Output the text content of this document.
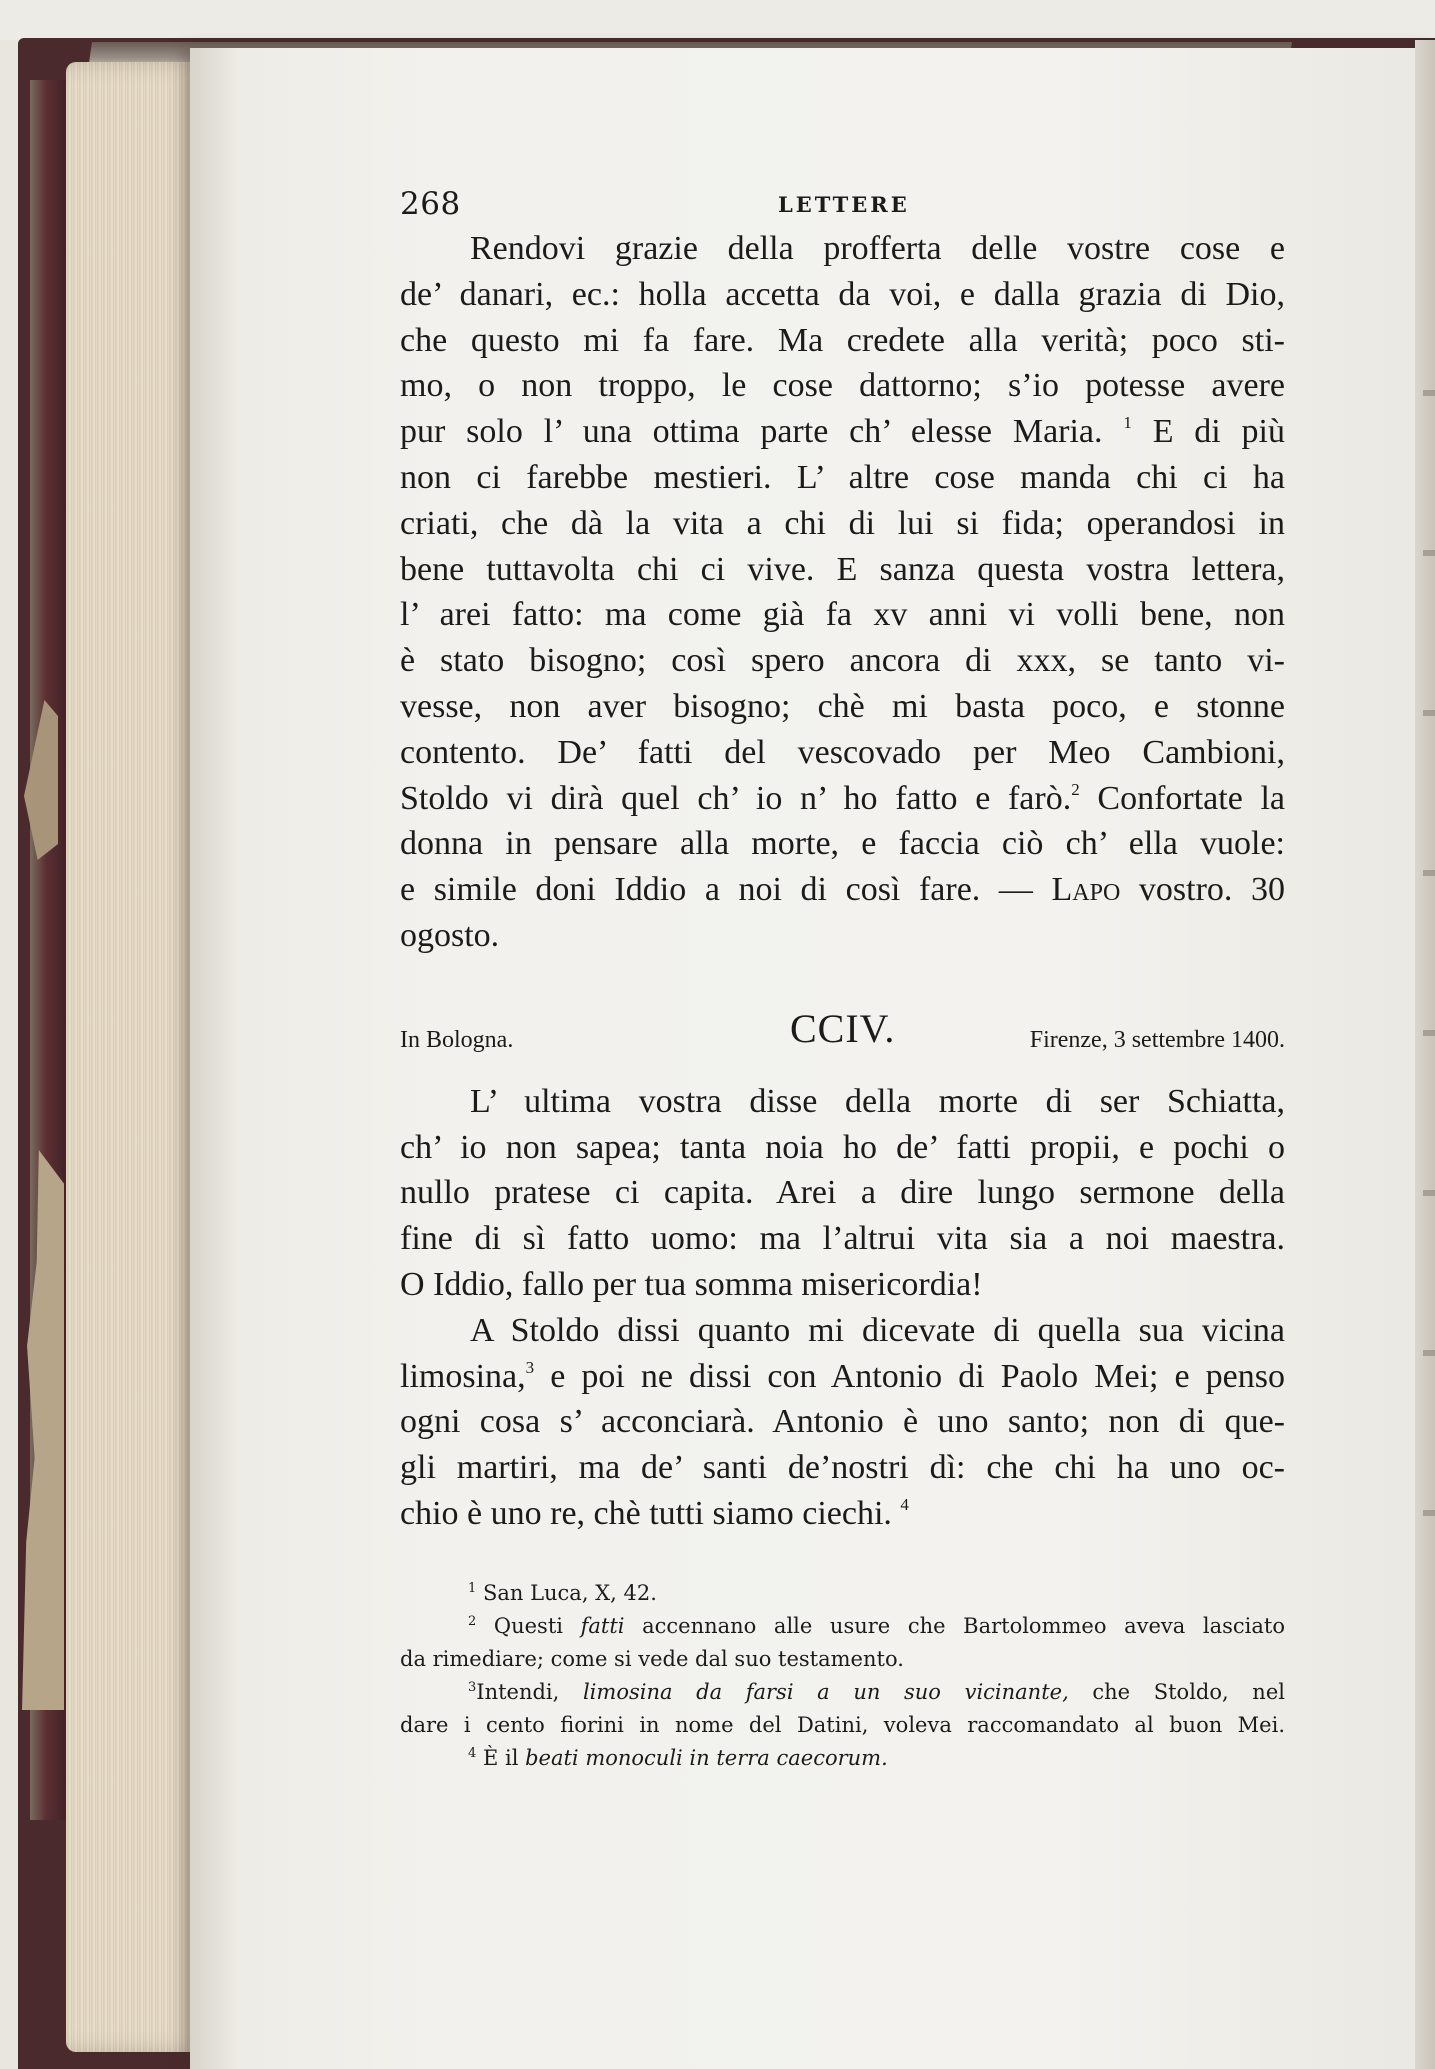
268	LETTERE

Rendovi grazie della profferta delle vostre cose e
de’ danari, ec.: holla accetta da voi, e dalla grazia di Dio,
che questo mi fa fare. Ma credete alla verità; poco sti-
mo, o non troppo, le cose dattorno; s’io potesse avere
pur solo l’ una ottima parte ch’ elesse Maria. $^1$ E di più
non ci farebbe mestieri. L’ altre cose manda chi ci ha
criati, che dà la vita a chi di lui si fida; operandosi in
bene tuttavolta chi ci vive. E sanza questa vostra lettera,
l’ arei fatto: ma come già fa xv anni vi volli bene, non
è stato bisogno; così spero ancora di xxx, se tanto vi-
vesse, non aver bisogno; chè mi basta poco, e stonne
contento. De’ fatti del vescovado per Meo Cambioni,
Stoldo vi dirà quel ch’ io n’ ho fatto e farò.$^2$ Confortate la
donna in pensare alla morte, e faccia ciò ch’ ella vuole:
e simile doni Iddio a noi di così fare. — Lapo vostro. 30
ogosto.

In Bologna.	CCIV.	Firenze, 3 settembre 1400.

L’ ultima vostra disse della morte di ser Schiatta,
ch’ io non sapea; tanta noia ho de’ fatti propii, e pochi o
nullo pratese ci capita. Arei a dire lungo sermone della
fine di sì fatto uomo: ma l’altrui vita sia a noi maestra.
O Iddio, fallo per tua somma misericordia!
A Stoldo dissi quanto mi dicevate di quella sua vicina
limosina,$^3$ e poi ne dissi con Antonio di Paolo Mei; e penso
ogni cosa s’ acconciarà. Antonio è uno santo; non di que-
gli martiri, ma de’ santi de’nostri dì: che chi ha uno oc-
chio è uno re, chè tutti siamo ciechi. $^4$

$^1$ San Luca, X, 42.
$^2$ Questi fatti accennano alle usure che Bartolommeo aveva lasciato
da rimediare; come si vede dal suo testamento.
$^3$Intendi, limosina da farsi a un suo vicinante, che Stoldo, nel
dare i cento fiorini in nome del Datini, voleva raccomandato al buon Mei.
$^4$ È il beati monoculi in terra caecorum.
